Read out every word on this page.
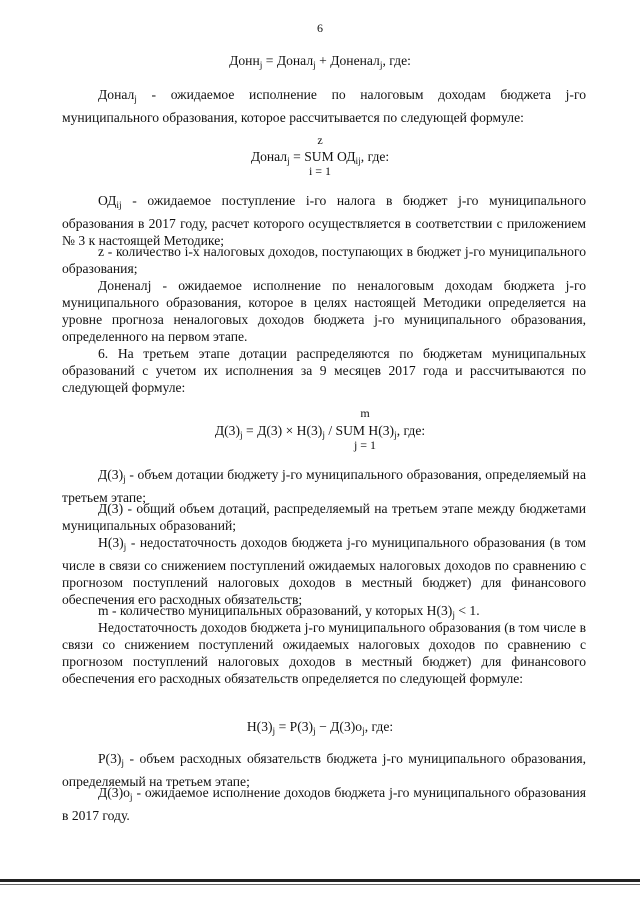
6
Донн$_j$ = Донал$_j$ + Доненал$_j$, где:
Донал$_j$ - ожидаемое исполнение по налоговым доходам бюджета j-го муниципального образования, которое рассчитывается по следующей формуле:
z
Донал$_j$ = SUM $ОД_{ij}$, где:
i = 1
$ОД_{ij}$ - ожидаемое поступление i-го налога в бюджет j-го муниципального образования в 2017 году, расчет которого осуществляется в соответствии с приложением № 3 к настоящей Методике;
z - количество i-х налоговых доходов, поступающих в бюджет j-го муниципального образования;
Доненалj - ожидаемое исполнение по неналоговым доходам бюджета j-го муниципального образования, которое в целях настоящей Методики определяется на уровне прогноза неналоговых доходов бюджета j-го муниципального образования, определенного на первом этапе.
6. На третьем этапе дотации распределяются по бюджетам муниципальных образований с учетом их исполнения за 9 месяцев 2017 года и рассчитываются по следующей формуле:
m
$Д(3)_j = Д(3) \times Н(3)_j$ / SUM $Н(3)_j$, где:
j = 1
$Д(3)_j$ - объем дотации бюджету j-го муниципального образования, определяемый на третьем этапе;
Д(3) - общий объем дотаций, распределяемый на третьем этапе между бюджетами муниципальных образований;
$Н(3)_j$ - недостаточность доходов бюджета j-го муниципального образования (в том числе в связи со снижением поступлений ожидаемых налоговых доходов по сравнению с прогнозом поступлений налоговых доходов в местный бюджет) для финансового обеспечения его расходных обязательств;
m - количество муниципальных образований, у которых $Н(3)_j < 1$.
Недостаточность доходов бюджета j-го муниципального образования (в том числе в связи со снижением поступлений ожидаемых налоговых доходов по сравнению с прогнозом поступлений налоговых доходов в местный бюджет) для финансового обеспечения его расходных обязательств определяется по следующей формуле:
$Н(3)_j = Р(3)_j - Д(3)о_j$, где:
$Р(3)_j$ - объем расходных обязательств бюджета j-го муниципального образования, определяемый на третьем этапе;
$Д(3)о_j$ - ожидаемое исполнение доходов бюджета j-го муниципального образования в 2017 году.
